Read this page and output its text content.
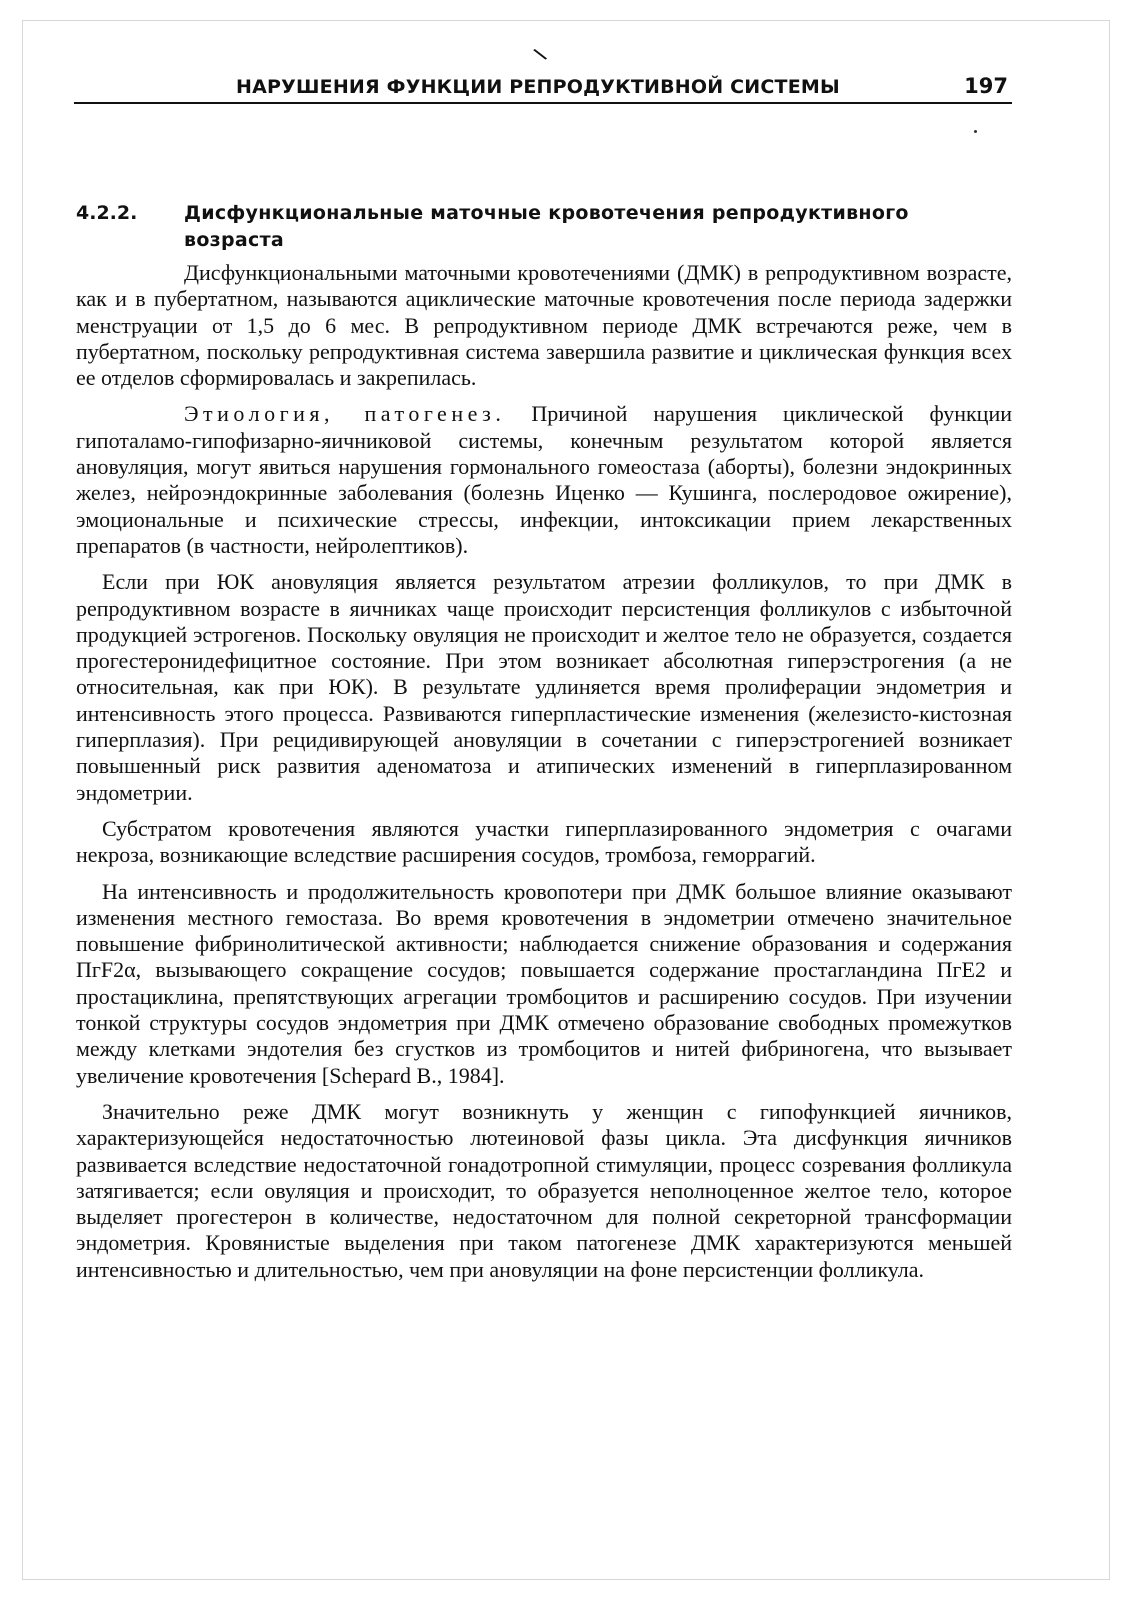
\
НАРУШЕНИЯ ФУНКЦИИ РЕПРОДУКТИВНОЙ СИСТЕМЫ	197
4.2.2. Дисфункциональные маточные кровотечения репродуктивного возраста

Дисфункциональными маточными кровотечениями (ДМК) в репродуктивном возрасте, как и в пубертатном, называются ациклические маточные кровотечения после периода задержки менструации от 1,5 до 6 мес. В репродуктивном периоде ДМК встречаются реже, чем в пубертатном, поскольку репродуктивная система завершила развитие и циклическая функция всех ее отделов сформировалась и закрепилась.

Этиология, патогенез. Причиной нарушения циклической функции гипоталамо-гипофизарно-яичниковой системы, конечным результатом которой является ановуляция, могут явиться нарушения гормонального гомеостаза (аборты), болезни эндокринных желез, нейроэндокринные заболевания (болезнь Иценко — Кушинга, послеродовое ожирение), эмоциональные и психические стрессы, инфекции, интоксикации прием лекарственных препаратов (в частности, нейролептиков).

Если при ЮК ановуляция является результатом атрезии фолликулов, то при ДМК в репродуктивном возрасте в яичниках чаще происходит персистенция фолликулов с избыточной продукцией эстрогенов. Поскольку овуляция не происходит и желтое тело не образуется, создается прогестеронидефицитное состояние. При этом возникает абсолютная гиперэстрогения (а не относительная, как при ЮК). В результате удлиняется время пролиферации эндометрия и интенсивность этого процесса. Развиваются гиперпластические изменения (железисто-кистозная гиперплазия). При рецидивирующей ановуляции в сочетании с гиперэстрогенией возникает повышенный риск развития аденоматоза и атипических изменений в гиперплазированном эндометрии.

Субстратом кровотечения являются участки гиперплазированного эндометрия с очагами некроза, возникающие вследствие расширения сосудов, тромбоза, геморрагий.

На интенсивность и продолжительность кровопотери при ДМК большое влияние оказывают изменения местного гемостаза. Во время кровотечения в эндометрии отмечено значительное повышение фибринолитической активности; наблюдается снижение образования и содержания ПгF2α, вызывающего сокращение сосудов; повышается содержание простагландина ПгЕ2 и простациклина, препятствующих агрегации тромбоцитов и расширению сосудов. При изучении тонкой структуры сосудов эндометрия при ДМК отмечено образование свободных промежутков между клетками эндотелия без сгустков из тромбоцитов и нитей фибриногена, что вызывает увеличение кровотечения [Schepard B., 1984].

Значительно реже ДМК могут возникнуть у женщин с гипофункцией яичников, характеризующейся недостаточностью лютеиновой фазы цикла. Эта дисфункция яичников развивается вследствие недостаточной гонадотропной стимуляции, процесс созревания фолликула затягивается; если овуляция и происходит, то образуется неполноценное желтое тело, которое выделяет прогестерон в количестве, недостаточном для полной секреторной трансформации эндометрия. Кровянистые выделения при таком патогенезе ДМК характеризуются меньшей интенсивностью и длительностью, чем при ановуляции на фоне персистенции фолликула.
